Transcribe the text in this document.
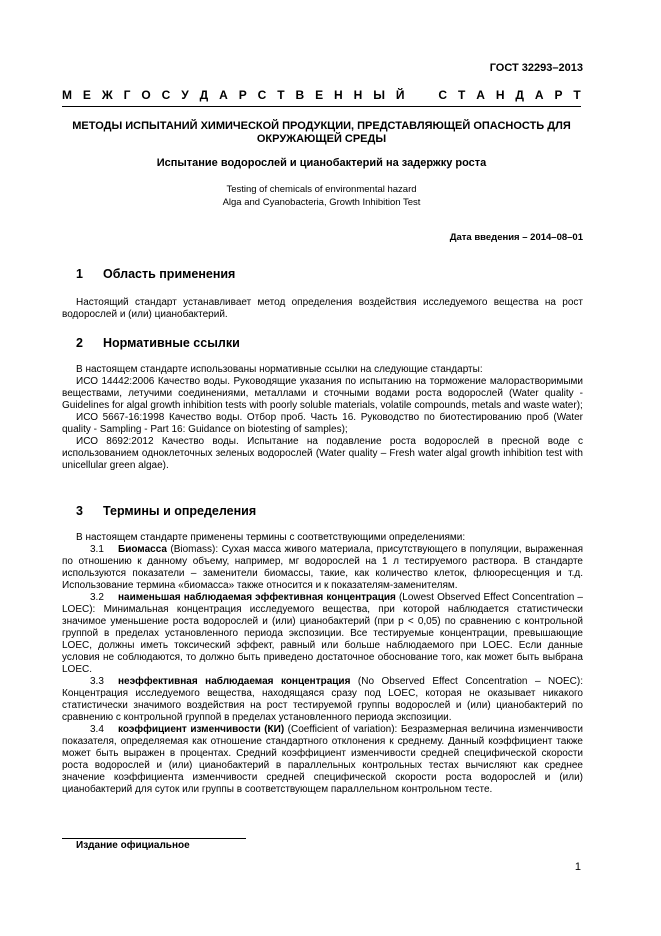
ГОСТ 32293–2013
М Е Ж Г О С У Д А Р С Т В Е Н Н Ы Й
	С Т А Н Д А Р Т
МЕТОДЫ ИСПЫТАНИЙ ХИМИЧЕСКОЙ ПРОДУКЦИИ, ПРЕДСТАВЛЯЮЩЕЙ ОПАСНОСТЬ ДЛЯ
ОКРУЖАЮЩЕЙ СРЕДЫ
Испытание водорослей и цианобактерий на задержку роста
Testing of chemicals of environmental hazard
Alga and Cyanobacteria, Growth Inhibition Test
Дата введения – 2014–08–01
1 Область применения

Настоящий стандарт устанавливает метод определения воздействия исследуемого вещества на рост водорослей и (или) цианобактерий.

2 Нормативные ссылки

В настоящем стандарте использованы нормативные ссылки на следующие стандарты:

ИСО 14442:2006 Качество воды. Руководящие указания по испытанию на торможение малорастворимыми веществами, летучими соединениями, металлами и сточными водами роста водорослей (Water quality - Guidelines for algal growth inhibition tests with poorly soluble materials, volatile compounds, metals and waste water);

ИСО 5667-16:1998 Качество воды. Отбор проб. Часть 16. Руководство по биотестированию проб (Water quality - Sampling - Part 16: Guidance on biotesting of samples);

ИСО 8692:2012 Качество воды. Испытание на подавление роста водорослей в пресной воде с использованием одноклеточных зеленых водорослей (Water quality – Fresh water algal growth inhibition test with unicellular green algae).

3 Термины и определения

В настоящем стандарте применены термины с соответствующими определениями:

3.1 Биомасса (Biomass): Сухая масса живого материала, присутствующего в популяции, выраженная по отношению к данному объему, например, мг водорослей на 1 л тестируемого раствора. В стандарте используются показатели – заменители биомассы, такие, как количество клеток, флюоресценция и т.д. Использование термина «биомасса» также относится и к показателям-заменителям.

3.2 наименьшая наблюдаемая эффективная концентрация (Lowest Observed Effect Concentration – LOEC): Минимальная концентрация исследуемого вещества, при которой наблюдается статистически значимое уменьшение роста водорослей и (или) цианобактерий (при p < 0,05) по сравнению с контрольной группой в пределах установленного периода экспозиции. Все тестируемые концентрации, превышающие LOEC, должны иметь токсический эффект, равный или больше наблюдаемого при LOEC. Если данные условия не соблюдаются, то должно быть приведено достаточное обоснование того, как может быть выбрана LOEC.

3.3 неэффективная наблюдаемая концентрация (No Observed Effect Concentration – NOEC): Концентрация исследуемого вещества, находящаяся сразу под LOEC, которая не оказывает никакого статистически значимого воздействия на рост тестируемой группы водорослей и (или) цианобактерий по сравнению с контрольной группой в пределах установленного периода экспозиции.

3.4 коэффициент изменчивости (КИ) (Coefficient of variation): Безразмерная величина изменчивости показателя, определяемая как отношение стандартного отклонения к среднему. Данный коэффициент также может быть выражен в процентах. Средний коэффициент изменчивости средней специфической скорости роста водорослей и (или) цианобактерий в параллельных контрольных тестах вычисляют как среднее значение коэффициента изменчивости средней специфической скорости роста водорослей и (или) цианобактерий для суток или группы в соответствующем параллельном контрольном тесте.

Издание официальное
1
